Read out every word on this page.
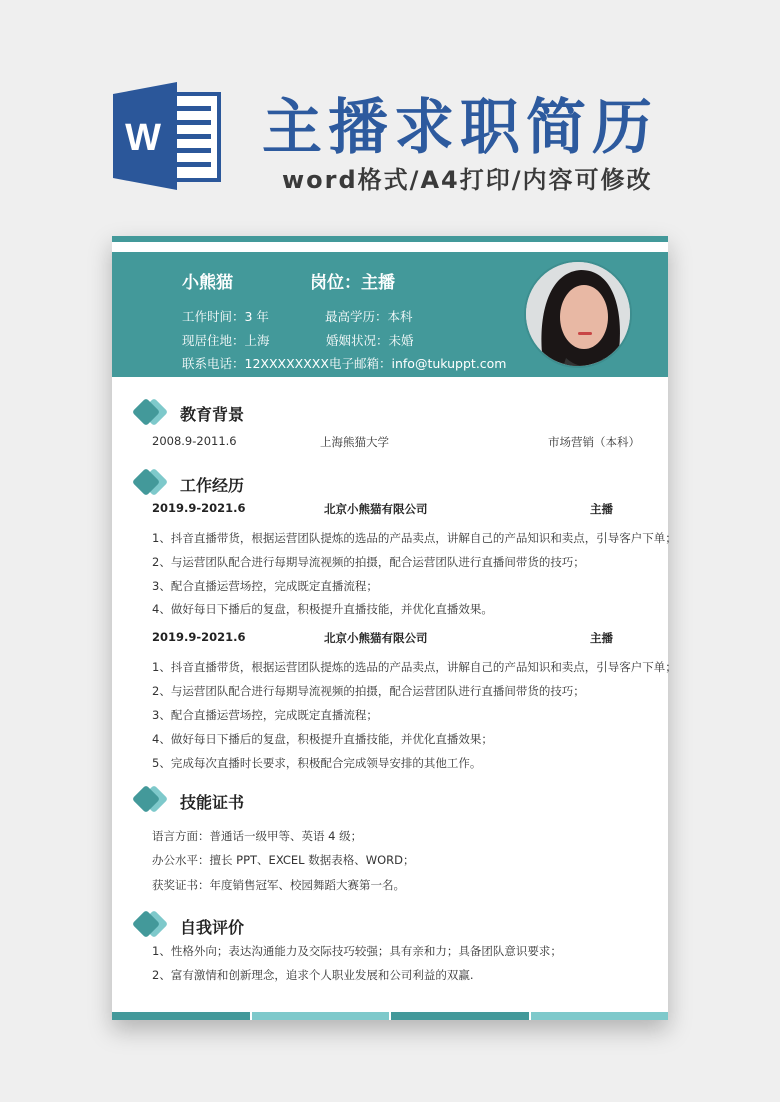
W 主播求职简历
word格式/A4打印/内容可修改
小熊猫	岗位：主播
工作时间：3 年	最高学历：本科
现居住地：上海	婚姻状况：未婚
联系电话：12XXXXXXXX 电子邮箱：info@tukuppt.com
教育背景
2008.9-2011.6	上海熊猫大学	市场营销（本科）
工作经历
2019.9-2021.6	北京小熊猫有限公司	主播
1、抖音直播带货，根据运营团队提炼的选品的产品卖点，讲解自己的产品知识和卖点，引导客户下单；
2、与运营团队配合进行每期导流视频的拍摄，配合运营团队进行直播间带货的技巧；
3、配合直播运营场控，完成既定直播流程；
4、做好每日下播后的复盘，积极提升直播技能，并优化直播效果。
2019.9-2021.6	北京小熊猫有限公司	主播
1、抖音直播带货，根据运营团队提炼的选品的产品卖点，讲解自己的产品知识和卖点，引导客户下单；
2、与运营团队配合进行每期导流视频的拍摄，配合运营团队进行直播间带货的技巧；
3、配合直播运营场控，完成既定直播流程；
4、做好每日下播后的复盘，积极提升直播技能，并优化直播效果；
5、完成每次直播时长要求，积极配合完成领导安排的其他工作。
技能证书
语言方面：普通话一级甲等、英语 4 级；
办公水平：擅长 PPT、EXCEL 数据表格、WORD；
获奖证书：年度销售冠军、校园舞蹈大赛第一名。
自我评价
1、性格外向；表达沟通能力及交际技巧较强；具有亲和力；具备团队意识要求；
2、富有激情和创新理念，追求个人职业发展和公司利益的双赢.
